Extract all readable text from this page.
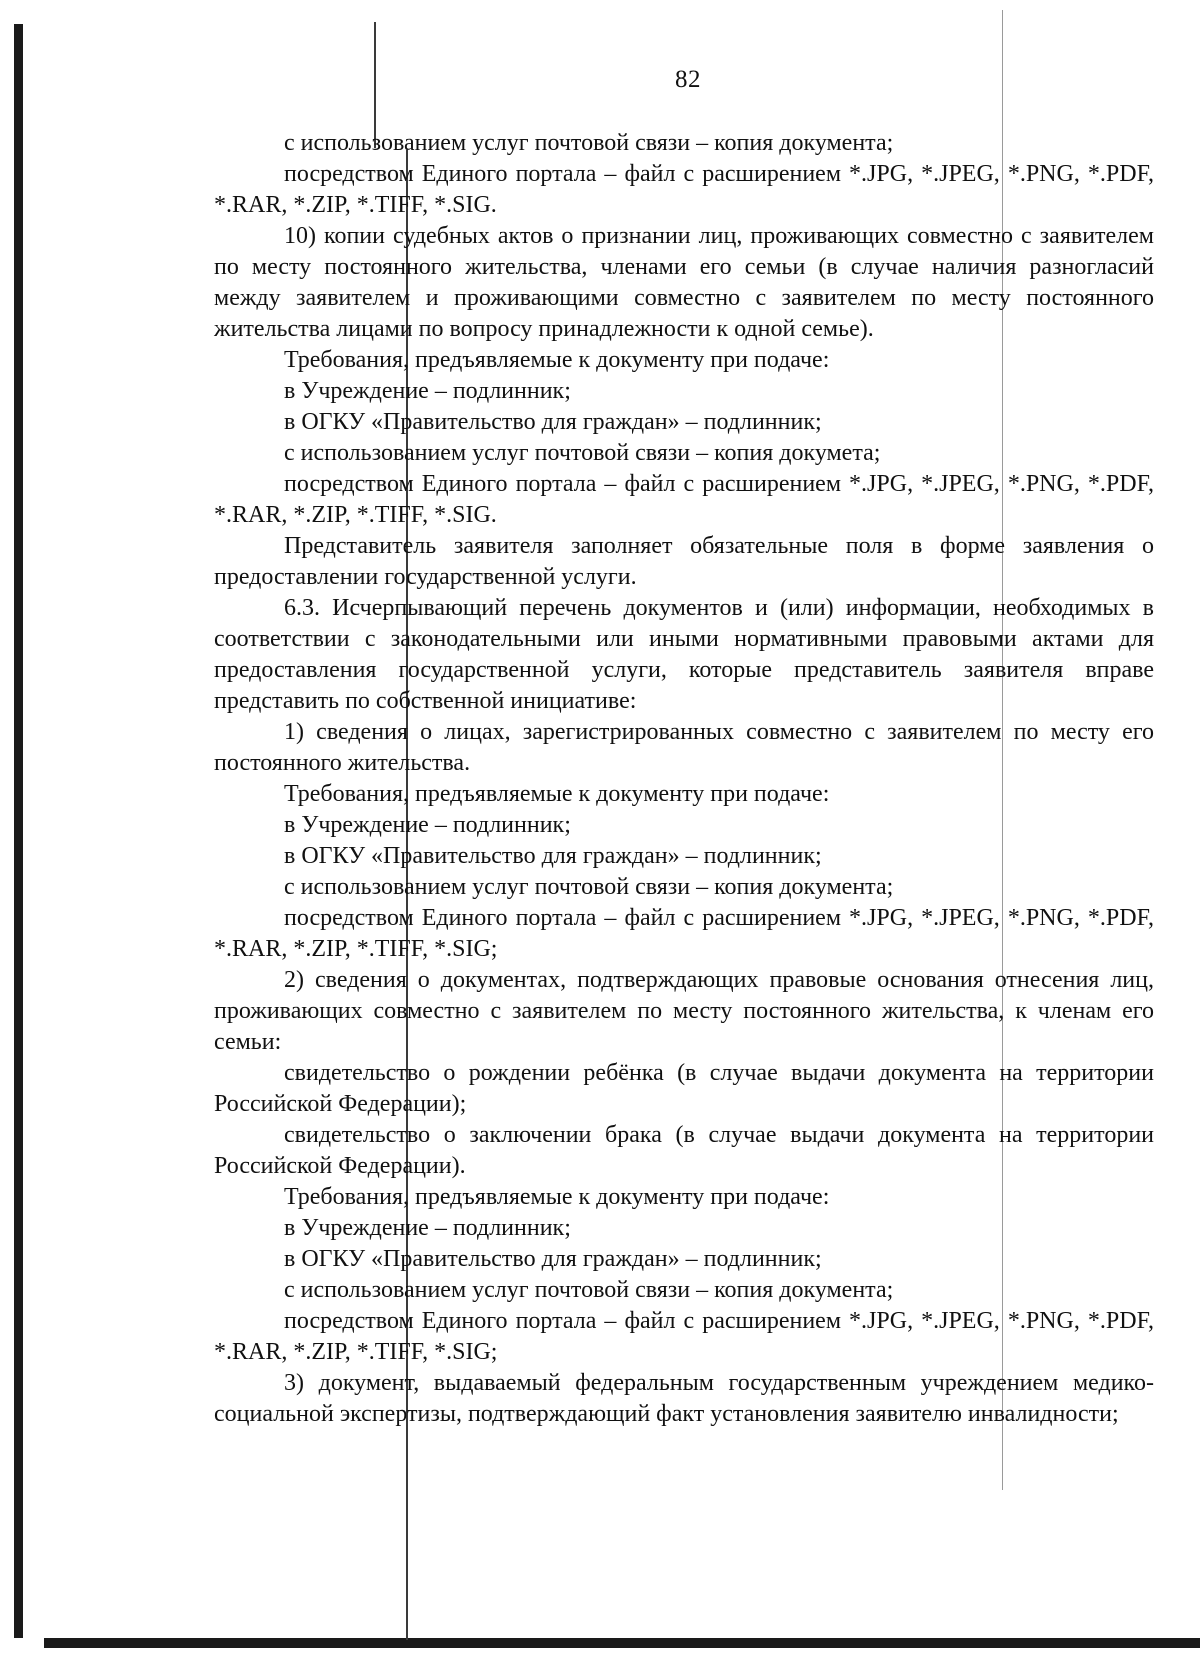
82

с использованием услуг почтовой связи – копия документа;

посредством Единого портала – файл с расширением *.JPG, *.JPEG, *.PNG, *.PDF, *.RAR, *.ZIP, *.TIFF, *.SIG.

10) копии судебных актов о признании лиц, проживающих совместно с заявителем по месту постоянного жительства, членами его семьи (в случае наличия разногласий между заявителем и проживающими совместно с заявителем по месту постоянного жительства лицами по вопросу принадлежности к одной семье).

Требования, предъявляемые к документу при подаче:

в Учреждение – подлинник;

в ОГКУ «Правительство для граждан» – подлинник;

с использованием услуг почтовой связи – копия докумета;

посредством Единого портала – файл с расширением *.JPG, *.JPEG, *.PNG, *.PDF, *.RAR, *.ZIP, *.TIFF, *.SIG.

Представитель заявителя заполняет обязательные поля в форме заявления о предоставлении государственной услуги.

6.3. Исчерпывающий перечень документов и (или) информации, необходимых в соответствии с законодательными или иными нормативными правовыми актами для предоставления государственной услуги, которые представитель заявителя вправе представить по собственной инициативе:

1) сведения о лицах, зарегистрированных совместно с заявителем по месту его постоянного жительства.

Требования, предъявляемые к документу при подаче:

в Учреждение – подлинник;

в ОГКУ «Правительство для граждан» – подлинник;

с использованием услуг почтовой связи – копия документа;

посредством Единого портала – файл с расширением *.JPG, *.JPEG, *.PNG, *.PDF, *.RAR, *.ZIP, *.TIFF, *.SIG;

2) сведения о документах, подтверждающих правовые основания отнесения лиц, проживающих совместно с заявителем по месту постоянного жительства, к членам его семьи:

свидетельство о рождении ребёнка (в случае выдачи документа на территории Российской Федерации);

свидетельство о заключении брака (в случае выдачи документа на территории Российской Федерации).

Требования, предъявляемые к документу при подаче:

в Учреждение – подлинник;

в ОГКУ «Правительство для граждан» – подлинник;

с использованием услуг почтовой связи – копия документа;

посредством Единого портала – файл с расширением *.JPG, *.JPEG, *.PNG, *.PDF, *.RAR, *.ZIP, *.TIFF, *.SIG;

3) документ, выдаваемый федеральным государственным учреждением медико-социальной экспертизы, подтверждающий факт установления заявителю инвалидности;
